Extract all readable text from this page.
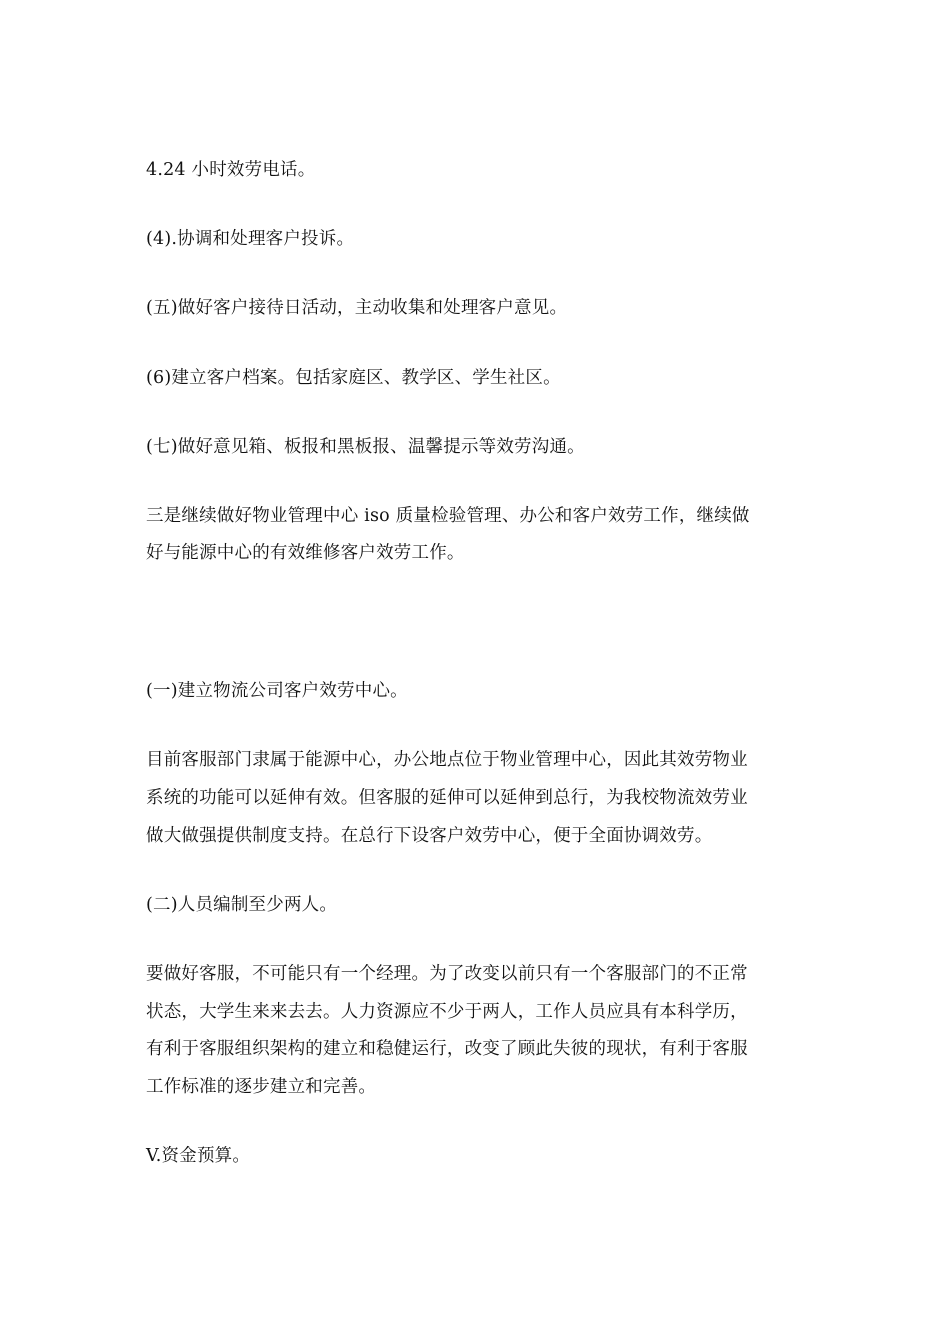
4.24 小时效劳电话。
(4).协调和处理客户投诉。
(五)做好客户接待日活动，主动收集和处理客户意见。
(6)建立客户档案。包括家庭区、教学区、学生社区。
(七)做好意见箱、板报和黑板报、温馨提示等效劳沟通。
三是继续做好物业管理中心 iso 质量检验管理、办公和客户效劳工作，继续做
好与能源中心的有效维修客户效劳工作。
(一)建立物流公司客户效劳中心。
目前客服部门隶属于能源中心，办公地点位于物业管理中心，因此其效劳物业
系统的功能可以延伸有效。但客服的延伸可以延伸到总行，为我校物流效劳业
做大做强提供制度支持。在总行下设客户效劳中心，便于全面协调效劳。
(二)人员编制至少两人。
要做好客服，不可能只有一个经理。为了改变以前只有一个客服部门的不正常
状态，大学生来来去去。人力资源应不少于两人，工作人员应具有本科学历，
有利于客服组织架构的建立和稳健运行，改变了顾此失彼的现状，有利于客服
工作标准的逐步建立和完善。
V.资金预算。
